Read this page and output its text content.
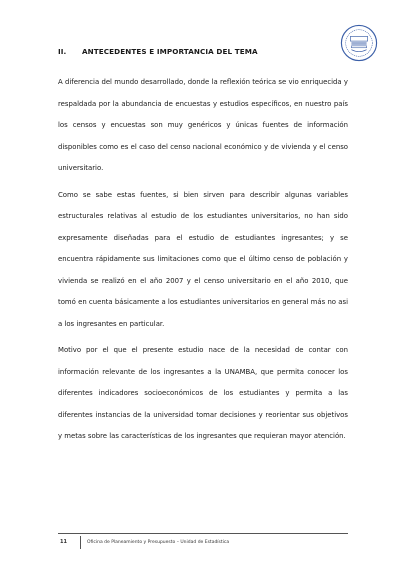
II.	ANTECEDENTES E IMPORTANCIA DEL TEMA

A diferencia del mundo desarrollado, donde la reflexión teórica se vio enriquecida y respaldada por la abundancia de encuestas y estudios específicos, en nuestro país los censos y encuestas son muy genéricos y únicas fuentes de información disponibles como es el caso del censo nacional económico y de vivienda y el censo universitario.

Como se sabe estas fuentes, si bien sirven para describir algunas variables estructurales relativas al estudio de los estudiantes universitarios, no han sido expresamente diseñadas para el estudio de estudiantes ingresantes; y se encuentra rápidamente sus limitaciones como que el último censo de población y vivienda se realizó en el año 2007 y el censo universitario en el año 2010, que tomó en cuenta básicamente a los estudiantes universitarios en general más no asi a los ingresantes en particular.

Motivo por el que el presente estudio nace de la necesidad de contar con información relevante de los ingresantes a la UNAMBA, que permita conocer los diferentes indicadores socioeconómicos de los estudiantes y permita a las diferentes instancias de la universidad tomar decisiones y reorientar sus objetivos y metas sobre las características de los ingresantes que requieran mayor atención.

11	Oficina de Planeamiento y Presupuesto – Unidad de Estadística
